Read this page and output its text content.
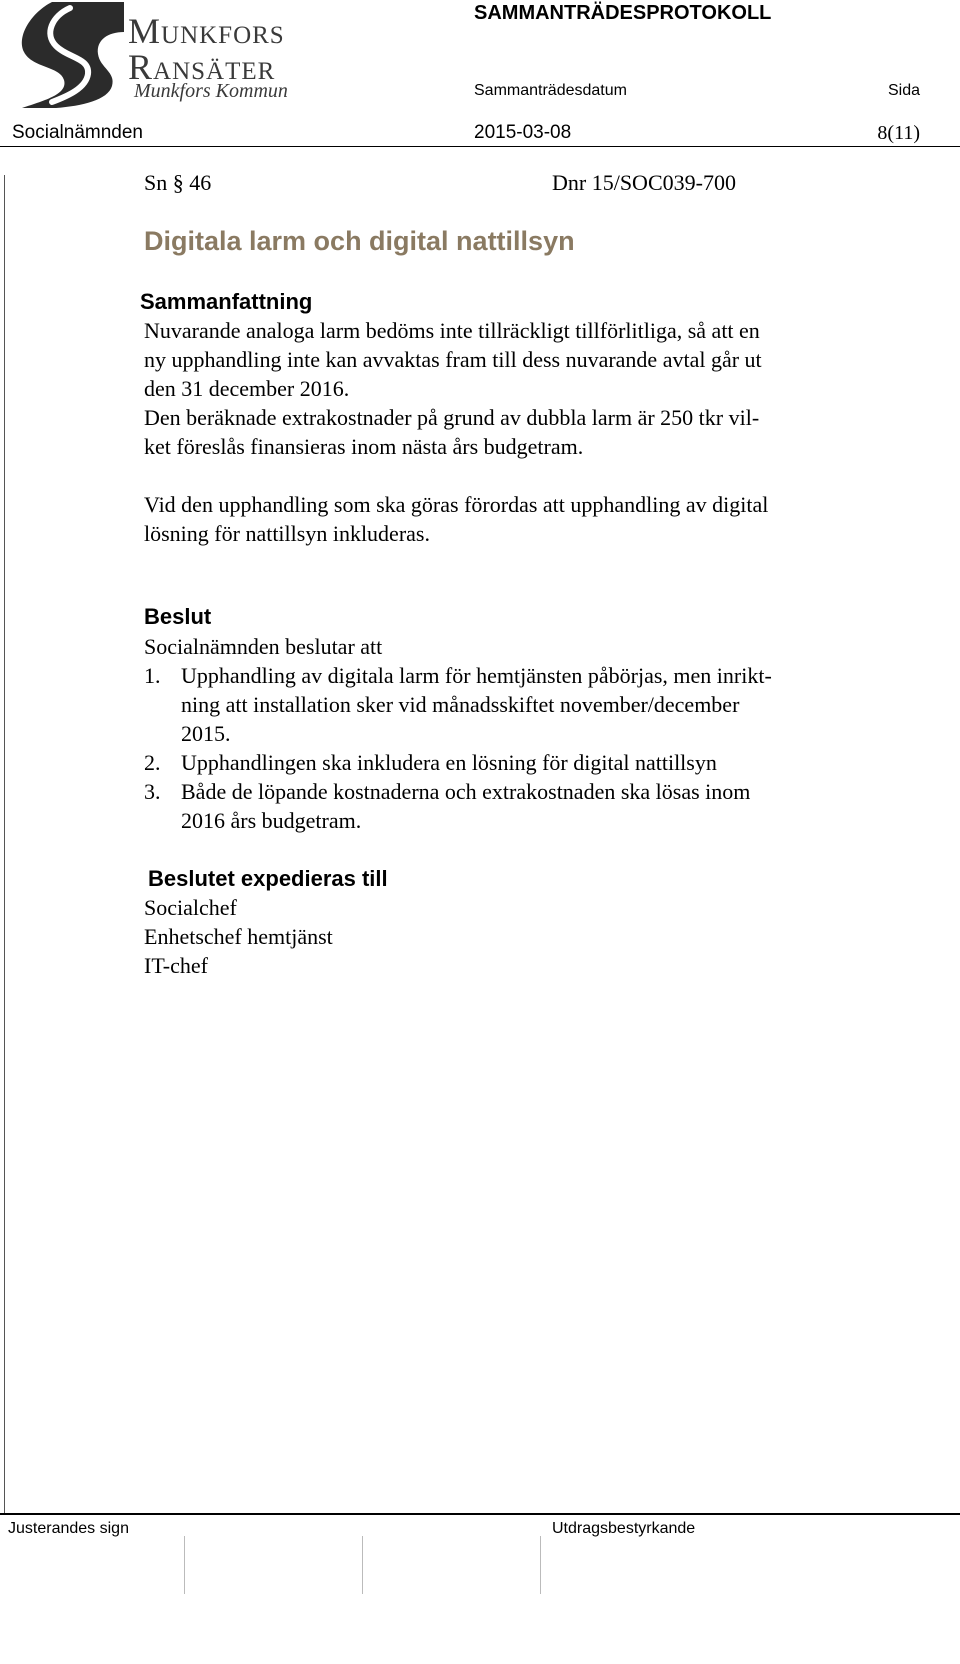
Munkfors
Ransäter
Munkfors Kommun
SAMMANTRÄDESPROTOKOLL
Sammanträdesdatum	Sida
Socialnämnden	2015-03-08	8(11)
Sn § 46	Dnr 15/SOC039-700
Digitala larm och digital nattillsyn
Sammanfattning
Nuvarande analoga larm bedöms inte tillräckligt tillförlitliga, så att en
ny upphandling inte kan avvaktas fram till dess nuvarande avtal går ut
den 31 december 2016.
Den beräknade extrakostnader på grund av dubbla larm är 250 tkr vil-
ket föreslås finansieras inom nästa års budgetram.
Vid den upphandling som ska göras förordas att upphandling av digital
lösning för nattillsyn inkluderas.
Beslut
Socialnämnden beslutar att
1. Upphandling av digitala larm för hemtjänsten påbörjas, men inrikt-
ning att installation sker vid månadsskiftet november/december
2015.
2. Upphandlingen ska inkludera en lösning för digital nattillsyn
3. Både de löpande kostnaderna och extrakostnaden ska lösas inom
2016 års budgetram.
Beslutet expedieras till
Socialchef
Enhetschef hemtjänst
IT-chef
Justerandes sign	Utdragsbestyrkande
